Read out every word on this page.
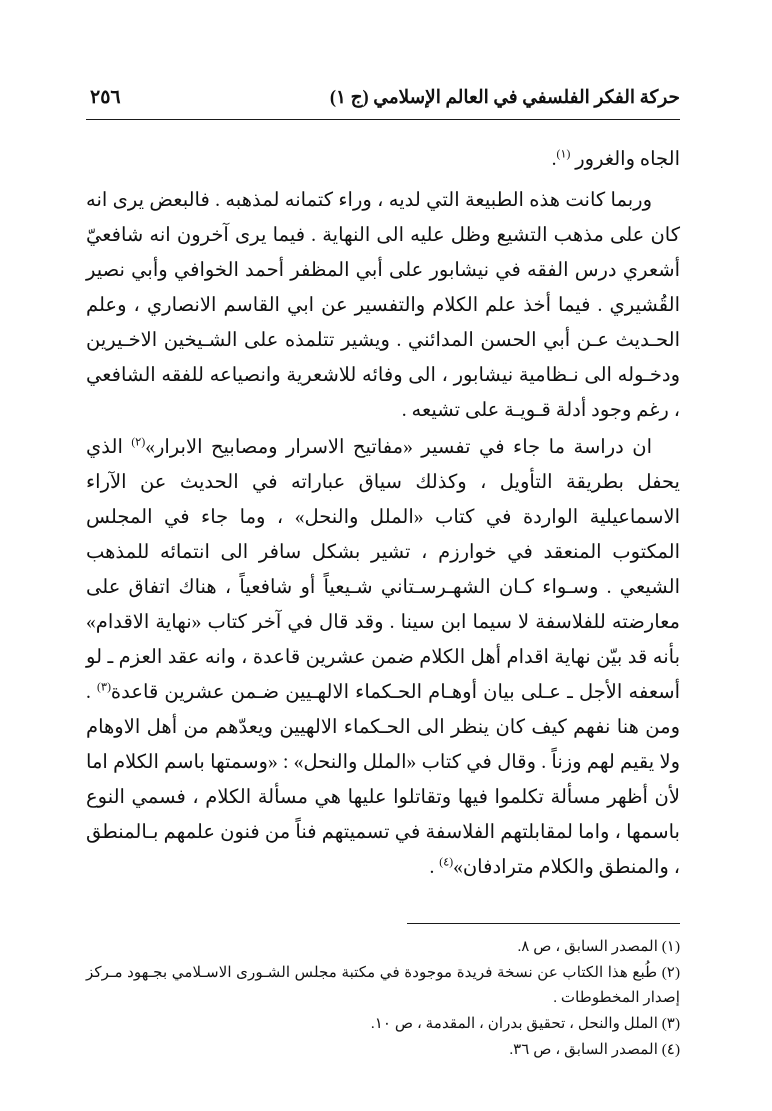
حركة الفكر الفلسفي في العالم الإسلامي (ج ١)
٢٥٦

الجاه والغرور $^{(١)}$.

وربما كانت هذه الطبيعة التي لديه ، وراء كتمانه لمذهبه . فالبعض يرى انه كان على مذهب التشيع وظل عليه الى النهاية . فيما يرى آخرون انه شافعيّ أشعري درس الفقه في نيشابور على أبي المظفر أحمد الخوافي وأبي نصير القُشيري . فيما أخذ علم الكلام والتفسير عن ابي القاسم الانصاري ، وعلم الحـديث عـن أبي الحسن المدائني . ويشير تتلمذه على الشـيخين الاخـيرين ودخـوله الى نـظامية نيشابور ، الى وفائه للاشعرية وانصياعه للفقه الشافعي ، رغم وجود أدلة قـويـة على تشيعه .

ان دراسة ما جاء في تفسير «مفاتيح الاسرار ومصابيح الابرار»$^{(٢)}$ الذي يحفل بطريقة التأويل ، وكذلك سياق عباراته في الحديث عن الآراء الاسماعيلية الواردة في كتاب «الملل والنحل» ، وما جاء في المجلس المكتوب المنعقد في خوارزم ، تشير بشكل سافر الى انتمائه للمذهب الشيعي . وسـواء كـان الشهـرسـتاني شـيعياً أو شافعياً ، هناك اتفاق على معارضته للفلاسفة لا سيما ابن سينا . وقد قال في آخر كتاب «نهاية الاقدام» بأنه قد بيّن نهاية اقدام أهل الكلام ضمن عشرين قاعدة ، وانه عقد العزم ـ لو أسعفه الأجل ـ عـلى بيان أوهـام الحـكماء الالهـيين ضـمن عشرين قاعدة$^{(٣)}$ . ومن هنا نفهم كيف كان ينظر الى الحـكماء الالهيين ويعدّهم من أهل الاوهام ولا يقيم لهم وزناً . وقال في كتاب «الملل والنحل» : «وسمتها باسم الكلام اما لأن أظهر مسألة تكلموا فيها وتقاتلوا عليها هي مسألة الكلام ، فسمي النوع باسمها ، واما لمقابلتهم الفلاسفة في تسميتهم فناً من فنون علمهم بـالمنطق ، والمنطق والكلام مترادفان»$^{(٤)}$ .

(١) المصدر السابق ، ص ٨.

(٢) طُبع هذا الكتاب عن نسخة فريدة موجودة في مكتبة مجلس الشـورى الاسـلامي بجـهود مـركز إصدار المخطوطات .

(٣) الملل والنحل ، تحقيق بدران ، المقدمة ، ص ١٠.

(٤) المصدر السابق ، ص ٣٦.
